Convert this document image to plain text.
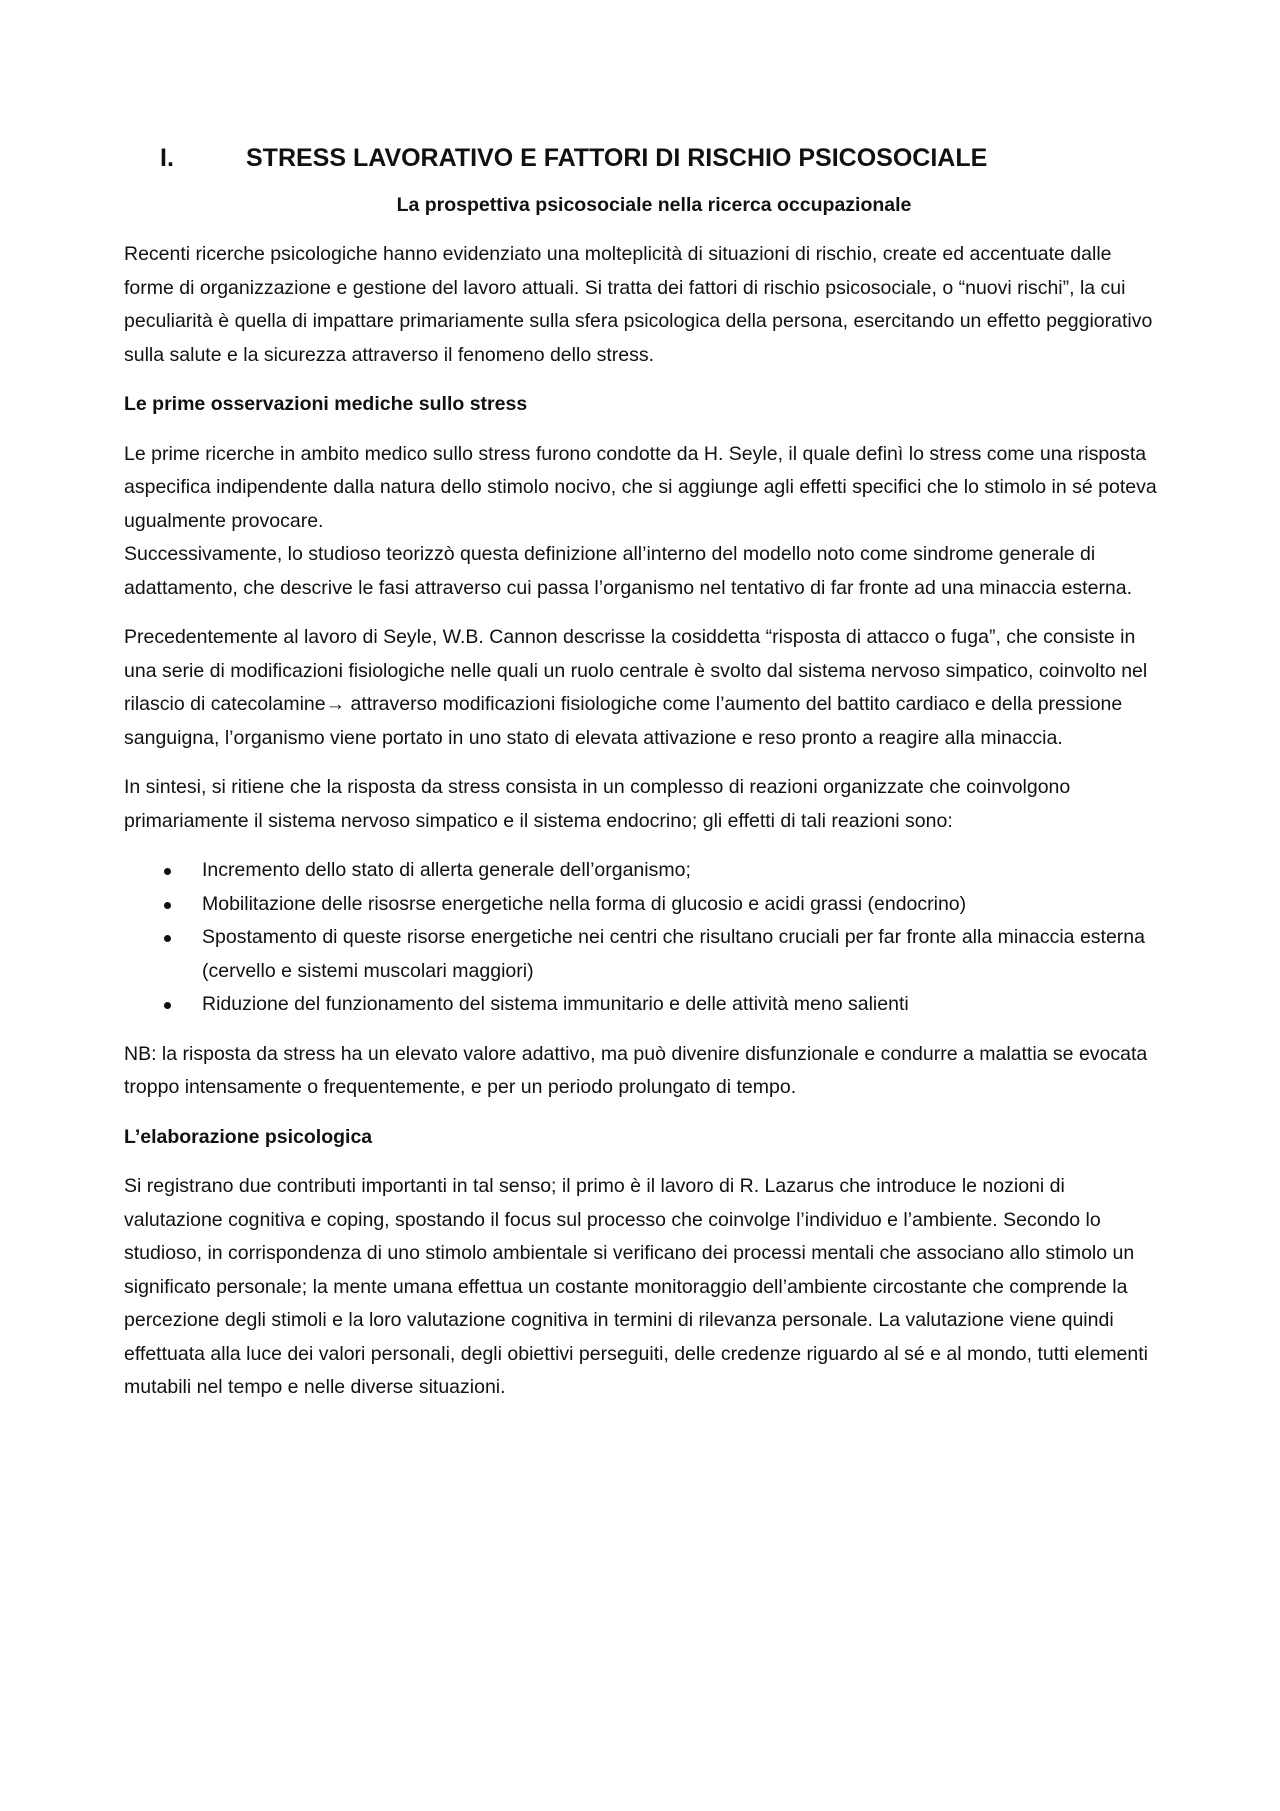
I.	STRESS LAVORATIVO E FATTORI DI RISCHIO PSICOSOCIALE
La prospettiva psicosociale nella ricerca occupazionale

Recenti ricerche psicologiche hanno evidenziato una molteplicità di situazioni di rischio, create ed accentuate dalle forme di organizzazione e gestione del lavoro attuali. Si tratta dei fattori di rischio psicosociale, o “nuovi rischi”, la cui peculiarità è quella di impattare primariamente sulla sfera psicologica della persona, esercitando un effetto peggiorativo sulla salute e la sicurezza attraverso il fenomeno dello stress.

Le prime osservazioni mediche sullo stress

Le prime ricerche in ambito medico sullo stress furono condotte da H. Seyle, il quale definì lo stress come una risposta aspecifica indipendente dalla natura dello stimolo nocivo, che si aggiunge agli effetti specifici che lo stimolo in sé poteva ugualmente provocare.

Successivamente, lo studioso teorizzò questa definizione all’interno del modello noto come sindrome generale di adattamento, che descrive le fasi attraverso cui passa l’organismo nel tentativo di far fronte ad una minaccia esterna.

Precedentemente al lavoro di Seyle, W.B. Cannon descrisse la cosiddetta “risposta di attacco o fuga”, che consiste in una serie di modificazioni fisiologiche nelle quali un ruolo centrale è svolto dal sistema nervoso simpatico, coinvolto nel rilascio di catecolamine→ attraverso modificazioni fisiologiche come l’aumento del battito cardiaco e della pressione sanguigna, l’organismo viene portato in uno stato di elevata attivazione e reso pronto a reagire alla minaccia.

In sintesi, si ritiene che la risposta da stress consista in un complesso di reazioni organizzate che coinvolgono primariamente il sistema nervoso simpatico e il sistema endocrino; gli effetti di tali reazioni sono:

Incremento dello stato di allerta generale dell’organismo;
Mobilitazione delle risosrse energetiche nella forma di glucosio e acidi grassi (endocrino)
Spostamento di queste risorse energetiche nei centri che risultano cruciali per far fronte alla minaccia esterna (cervello e sistemi muscolari maggiori)
Riduzione del funzionamento del sistema immunitario e delle attività meno salienti

NB: la risposta da stress ha un elevato valore adattivo, ma può divenire disfunzionale e condurre a malattia se evocata troppo intensamente o frequentemente, e per un periodo prolungato di tempo.

L’elaborazione psicologica

Si registrano due contributi importanti in tal senso; il primo è il lavoro di R. Lazarus che introduce le nozioni di valutazione cognitiva e coping, spostando il focus sul processo che coinvolge l’individuo e l’ambiente. Secondo lo studioso, in corrispondenza di uno stimolo ambientale si verificano dei processi mentali che associano allo stimolo un significato personale; la mente umana effettua un costante monitoraggio dell’ambiente circostante che comprende la percezione degli stimoli e la loro valutazione cognitiva in termini di rilevanza personale. La valutazione viene quindi effettuata alla luce dei valori personali, degli obiettivi perseguiti, delle credenze riguardo al sé e al mondo, tutti elementi mutabili nel tempo e nelle diverse situazioni.
